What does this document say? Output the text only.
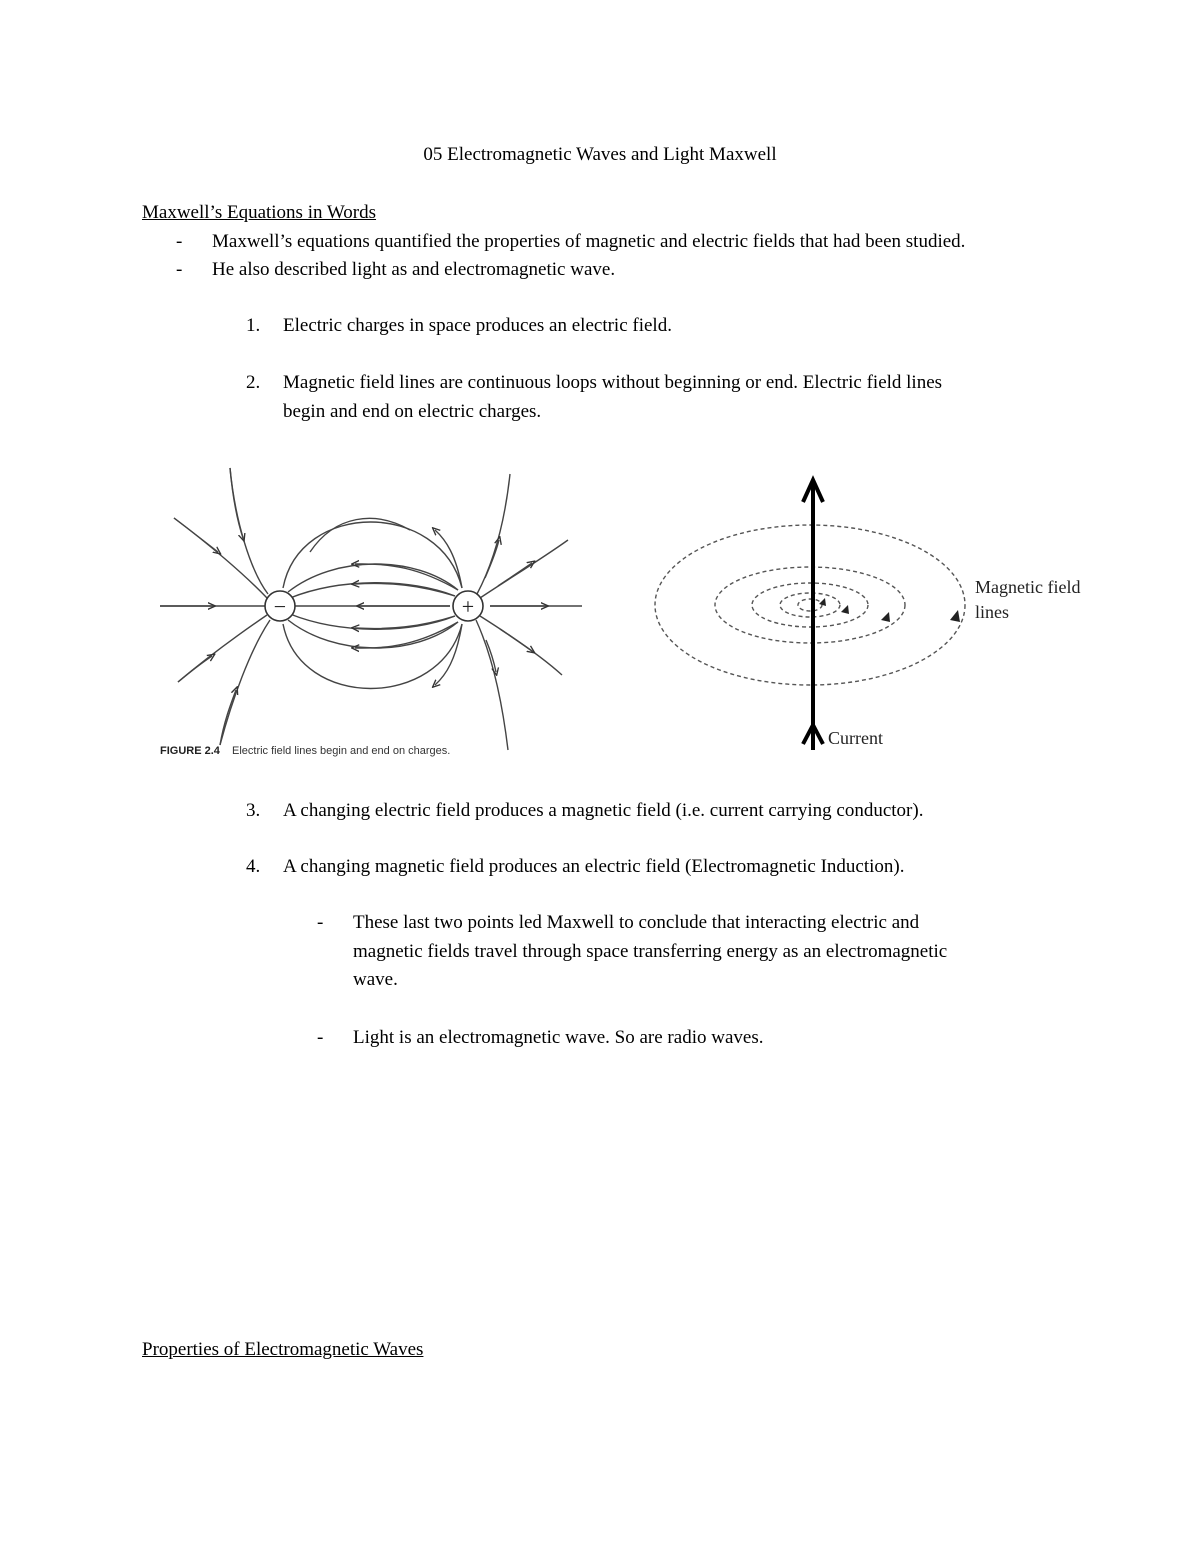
05 Electromagnetic Waves and Light Maxwell
Maxwell’s Equations in Words
- Maxwell’s equations quantified the properties of magnetic and electric fields that had been studied.
- He also described light as and electromagnetic wave.
1. Electric charges in space produces an electric field.
2. Magnetic field lines are continuous loops without beginning or end. Electric field lines
begin and end on electric charges.
−	+
FIGURE 2.4 Electric field lines begin and end on charges.
Magnetic field
lines
Current
3. A changing electric field produces a magnetic field (i.e. current carrying conductor).
4. A changing magnetic field produces an electric field (Electromagnetic Induction).
- These last two points led Maxwell to conclude that interacting electric and
magnetic fields travel through space transferring energy as an electromagnetic
wave.
- Light is an electromagnetic wave. So are radio waves.
Properties of Electromagnetic Waves
